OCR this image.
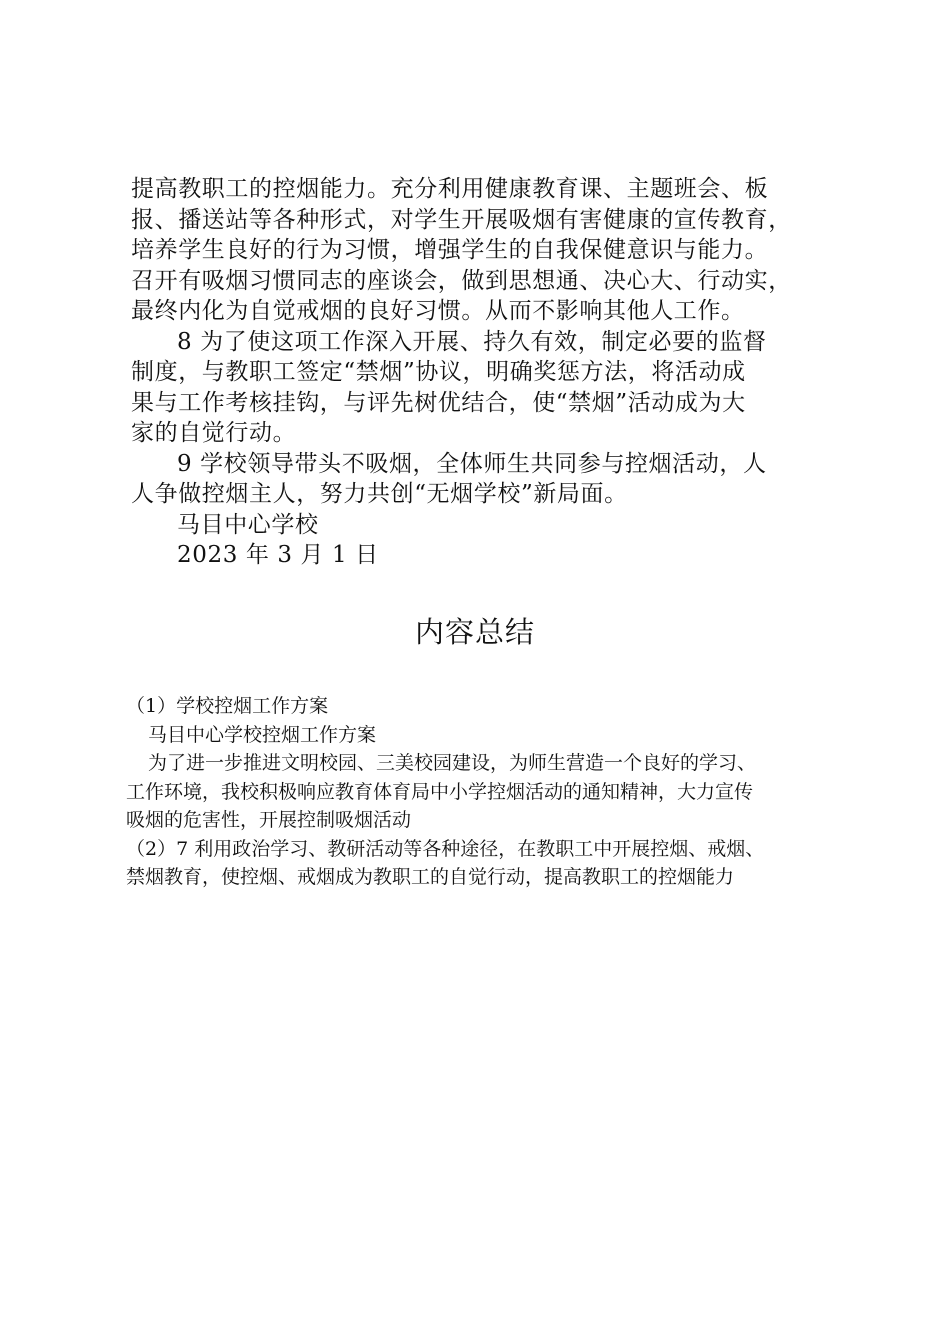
提高教职工的控烟能力。充分利用健康教育课、主题班会、板
报、播送站等各种形式，对学生开展吸烟有害健康的宣传教育，
培养学生良好的行为习惯，增强学生的自我保健意识与能力。
召开有吸烟习惯同志的座谈会，做到思想通、决心大、行动实，
最终内化为自觉戒烟的良好习惯。从而不影响其他人工作。
8 为了使这项工作深入开展、持久有效，制定必要的监督
制度，与教职工签定“禁烟”协议，明确奖惩方法，将活动成
果与工作考核挂钩，与评先树优结合，使“禁烟”活动成为大
家的自觉行动。
9 学校领导带头不吸烟，全体师生共同参与控烟活动，人
人争做控烟主人，努力共创“无烟学校”新局面。
马目中心学校
2023 年 3 月 1 日
内容总结
（1）学校控烟工作方案
马目中心学校控烟工作方案
为了进一步推进文明校园、三美校园建设，为师生营造一个良好的学习、
工作环境，我校积极响应教育体育局中小学控烟活动的通知精神，大力宣传
吸烟的危害性，开展控制吸烟活动
（2）7 利用政治学习、教研活动等各种途径，在教职工中开展控烟、戒烟、
禁烟教育，使控烟、戒烟成为教职工的自觉行动，提高教职工的控烟能力
